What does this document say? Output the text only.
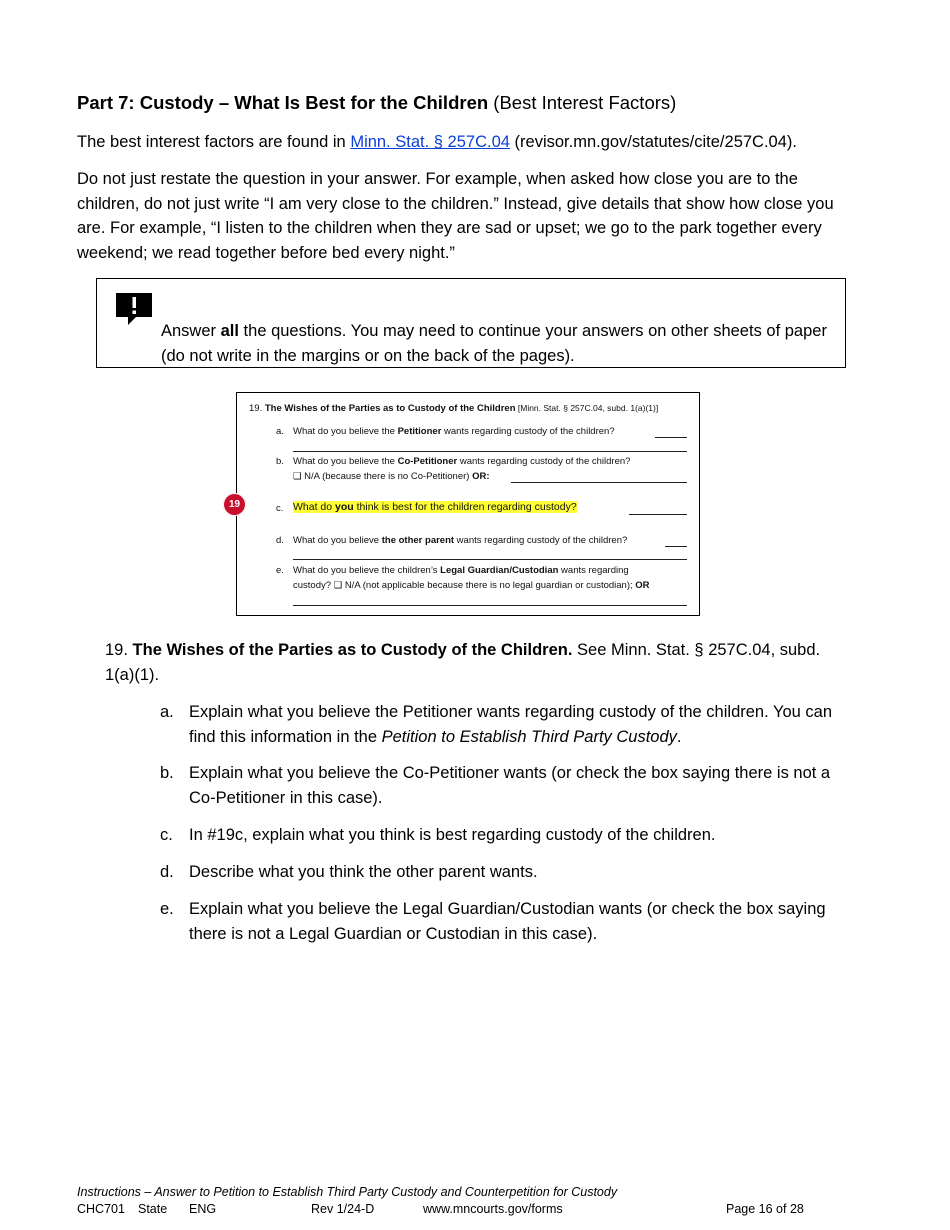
Part 7: Custody – What Is Best for the Children (Best Interest Factors)
The best interest factors are found in Minn. Stat. § 257C.04 (revisor.mn.gov/statutes/cite/257C.04).
Do not just restate the question in your answer. For example, when asked how close you are to the children, do not just write “I am very close to the children.” Instead, give details that show how close you are. For example, “I listen to the children when they are sad or upset; we go to the park together every weekend; we read together before bed every night.”
Answer all the questions. You may need to continue your answers on other sheets of paper (do not write in the margins or on the back of the pages).
19. The Wishes of the Parties as to Custody of the Children [Minn. Stat. § 257C.04, subd. 1(a)(1)]
a. What do you believe the Petitioner wants regarding custody of the children?
b. What do you believe the Co-Petitioner wants regarding custody of the children?
❑ N/A (because there is no Co-Petitioner) OR:
c. What do you think is best for the children regarding custody?
d. What do you believe the other parent wants regarding custody of the children?
e. What do you believe the children’s Legal Guardian/Custodian wants regarding
custody? ❑ N/A (not applicable because there is no legal guardian or custodian); OR
19
19. The Wishes of the Parties as to Custody of the Children. See Minn. Stat. § 257C.04, subd. 1(a)(1).
a. Explain what you believe the Petitioner wants regarding custody of the children. You can find this information in the Petition to Establish Third Party Custody.
b. Explain what you believe the Co-Petitioner wants (or check the box saying there is not a Co-Petitioner in this case).
c. In #19c, explain what you think is best regarding custody of the children.
d. Describe what you think the other parent wants.
e. Explain what you believe the Legal Guardian/Custodian wants (or check the box saying there is not a Legal Guardian or Custodian in this case).
Instructions – Answer to Petition to Establish Third Party Custody and Counterpetition for Custody
CHC701 State ENG	Rev 1/24-D	www.mncourts.gov/forms	Page 16 of 28
